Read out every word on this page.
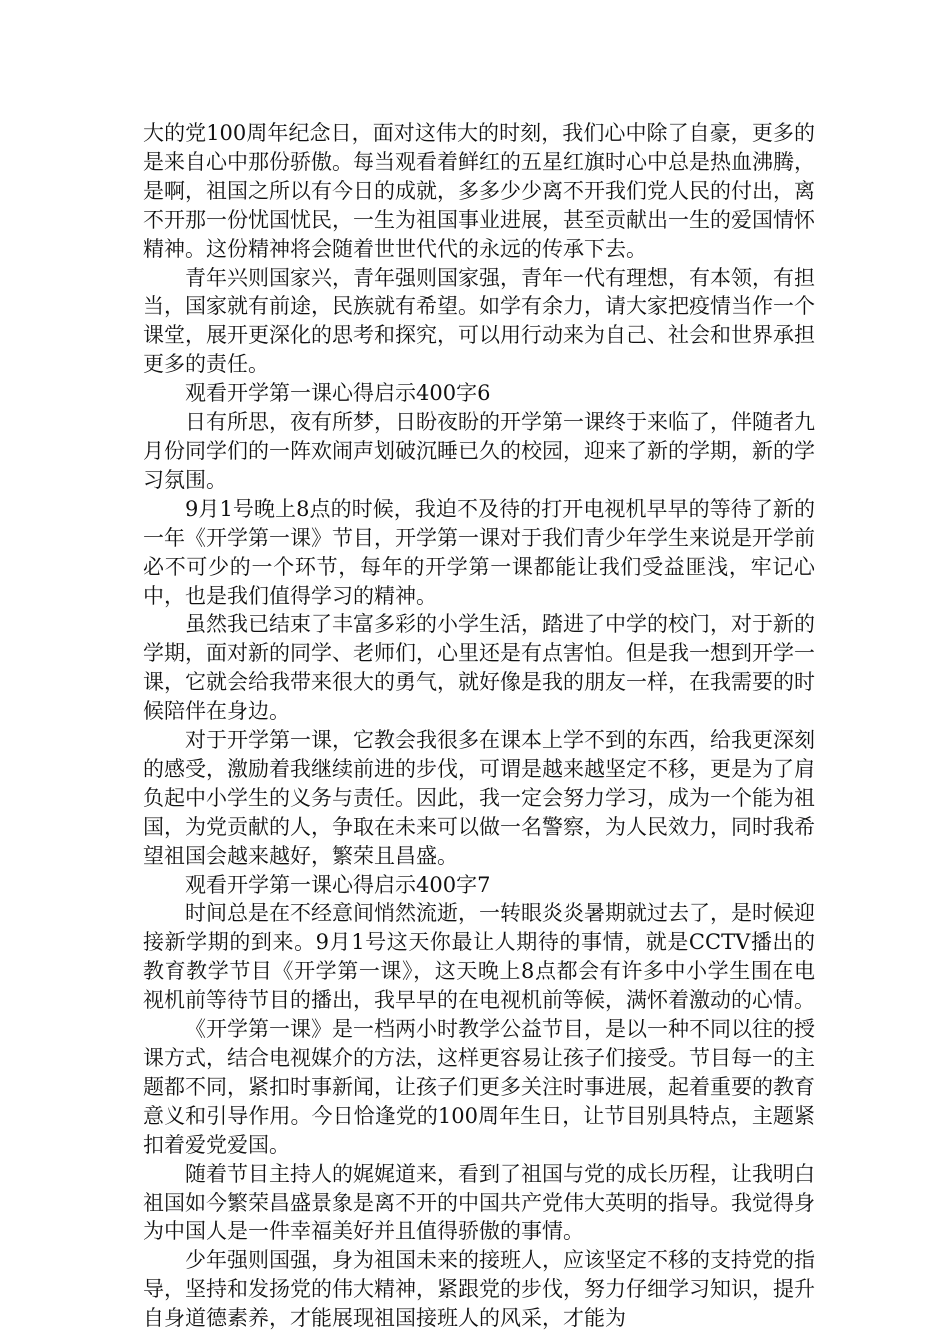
大的党100周年纪念日，面对这伟大的时刻，我们心中除了自豪，更多的是来自心中那份骄傲。每当观看着鲜红的五星红旗时心中总是热血沸腾，是啊，祖国之所以有今日的成就，多多少少离不开我们党人民的付出，离不开那一份忧国忧民，一生为祖国事业进展，甚至贡献出一生的爱国情怀精神。这份精神将会随着世世代代的永远的传承下去。

青年兴则国家兴，青年强则国家强，青年一代有理想，有本领，有担当，国家就有前途，民族就有希望。如学有余力，请大家把疫情当作一个课堂，展开更深化的思考和探究，可以用行动来为自己、社会和世界承担更多的责任。

观看开学第一课心得启示400字6

日有所思，夜有所梦，日盼夜盼的开学第一课终于来临了，伴随者九月份同学们的一阵欢闹声划破沉睡已久的校园，迎来了新的学期，新的学习氛围。

9月1号晚上8点的时候，我迫不及待的打开电视机早早的等待了新的一年《开学第一课》节目，开学第一课对于我们青少年学生来说是开学前必不可少的一个环节，每年的开学第一课都能让我们受益匪浅，牢记心中，也是我们值得学习的精神。

虽然我已结束了丰富多彩的小学生活，踏进了中学的校门，对于新的学期，面对新的同学、老师们，心里还是有点害怕。但是我一想到开学一课，它就会给我带来很大的勇气，就好像是我的朋友一样，在我需要的时候陪伴在身边。

对于开学第一课，它教会我很多在课本上学不到的东西，给我更深刻的感受，激励着我继续前进的步伐，可谓是越来越坚定不移，更是为了肩负起中小学生的义务与责任。因此，我一定会努力学习，成为一个能为祖国，为党贡献的人，争取在未来可以做一名警察，为人民效力，同时我希望祖国会越来越好，繁荣且昌盛。

观看开学第一课心得启示400字7

时间总是在不经意间悄然流逝，一转眼炎炎暑期就过去了，是时候迎接新学期的到来。9月1号这天你最让人期待的事情，就是CCTV播出的教育教学节目《开学第一课》，这天晚上8点都会有许多中小学生围在电视机前等待节目的播出，我早早的在电视机前等候，满怀着激动的心情。

《开学第一课》是一档两小时教学公益节目，是以一种不同以往的授课方式，结合电视媒介的方法，这样更容易让孩子们接受。节目每一的主题都不同，紧扣时事新闻，让孩子们更多关注时事进展，起着重要的教育意义和引导作用。今日恰逢党的100周年生日，让节目别具特点，主题紧扣着爱党爱国。

随着节目主持人的娓娓道来，看到了祖国与党的成长历程，让我明白祖国如今繁荣昌盛景象是离不开的中国共产党伟大英明的指导。我觉得身为中国人是一件幸福美好并且值得骄傲的事情。

少年强则国强，身为祖国未来的接班人，应该坚定不移的支持党的指导，坚持和发扬党的伟大精神，紧跟党的步伐，努力仔细学习知识，提升自身道德素养，才能展现祖国接班人的风采，才能为
